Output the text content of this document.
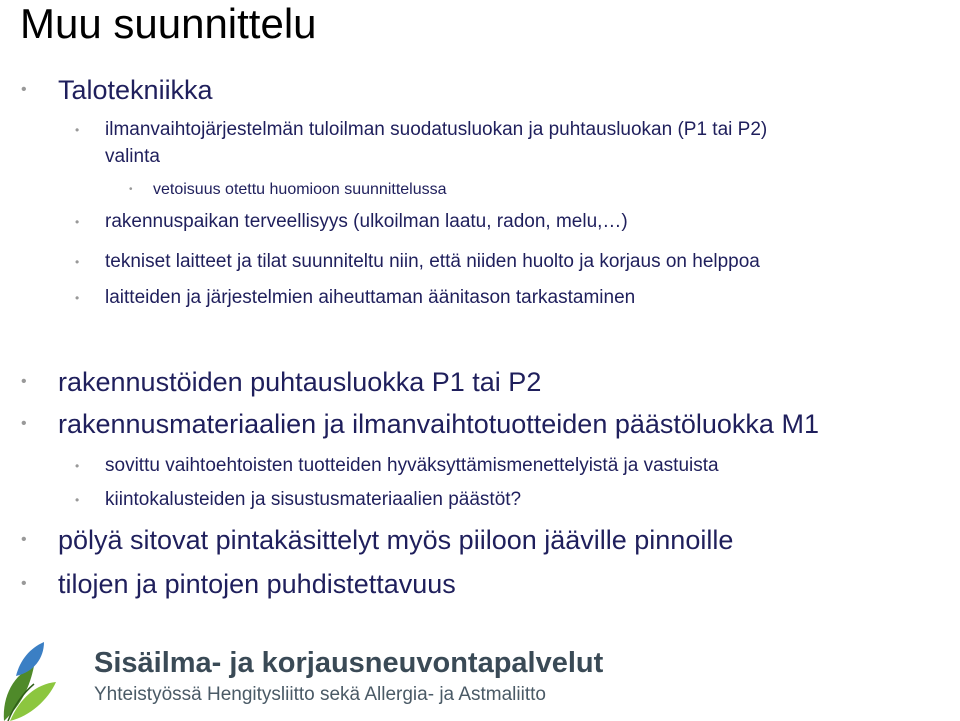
Muu suunnittelu
• Talotekniikka
• ilmanvaihtojärjestelmän tuloilman suodatusluokan ja puhtausluokan (P1 tai P2)
valinta
• vetoisuus otettu huomioon suunnittelussa
• rakennuspaikan terveellisyys (ulkoilman laatu, radon, melu,…)
• tekniset laitteet ja tilat suunniteltu niin, että niiden huolto ja korjaus on helppoa
• laitteiden ja järjestelmien aiheuttaman äänitason tarkastaminen
• rakennustöiden puhtausluokka P1 tai P2
• rakennusmateriaalien ja ilmanvaihtotuotteiden päästöluokka M1
• sovittu vaihtoehtoisten tuotteiden hyväksyttämismenettelyistä ja vastuista
• kiintokalusteiden ja sisustusmateriaalien päästöt?
• pölyä sitovat pintakäsittelyt myös piiloon jääville pinnoille
• tilojen ja pintojen puhdistettavuus
Sisäilma- ja korjausneuvontapalvelut
Yhteistyössä Hengitysliitto sekä Allergia- ja Astmaliitto
